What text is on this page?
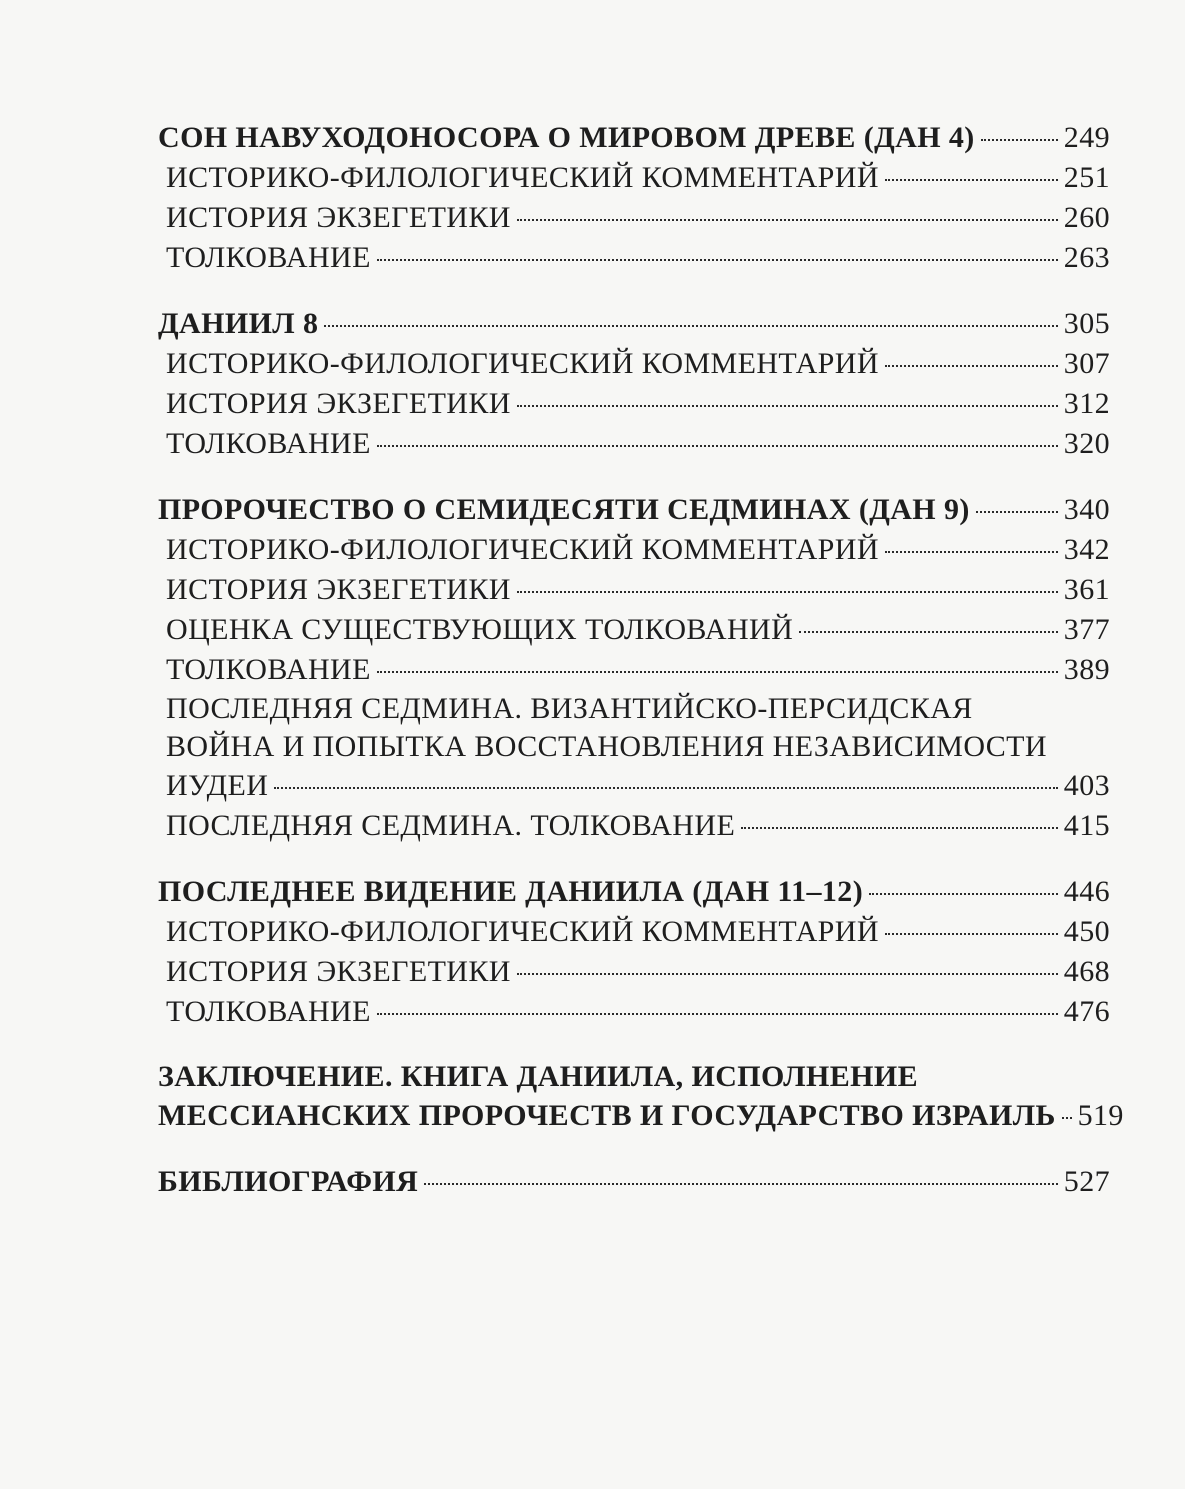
СОН НАВУХОДОНОСОРА О МИРОВОМ ДРЕВЕ (ДАН 4)	249
ИСТОРИКО-ФИЛОЛОГИЧЕСКИЙ КОММЕНТАРИЙ	251
ИСТОРИЯ ЭКЗЕГЕТИКИ	260
ТОЛКОВАНИЕ	263
ДАНИИЛ 8	305
ИСТОРИКО-ФИЛОЛОГИЧЕСКИЙ КОММЕНТАРИЙ	307
ИСТОРИЯ ЭКЗЕГЕТИКИ	312
ТОЛКОВАНИЕ	320
ПРОРОЧЕСТВО О СЕМИДЕСЯТИ СЕДМИНАХ (ДАН 9)	340
ИСТОРИКО-ФИЛОЛОГИЧЕСКИЙ КОММЕНТАРИЙ	342
ИСТОРИЯ ЭКЗЕГЕТИКИ	361
ОЦЕНКА СУЩЕСТВУЮЩИХ ТОЛКОВАНИЙ	377
ТОЛКОВАНИЕ	389
ПОСЛЕДНЯЯ СЕДМИНА. ВИЗАНТИЙСКО-ПЕРСИДСКАЯ
ВОЙНА И ПОПЫТКА ВОССТАНОВЛЕНИЯ НЕЗАВИСИМОСТИ
ИУДЕИ	403
ПОСЛЕДНЯЯ СЕДМИНА. ТОЛКОВАНИЕ	415
ПОСЛЕДНЕЕ ВИДЕНИЕ ДАНИИЛА (ДАН 11–12)	446
ИСТОРИКО-ФИЛОЛОГИЧЕСКИЙ КОММЕНТАРИЙ	450
ИСТОРИЯ ЭКЗЕГЕТИКИ	468
ТОЛКОВАНИЕ	476
ЗАКЛЮЧЕНИЕ. КНИГА ДАНИИЛА, ИСПОЛНЕНИЕ
МЕССИАНСКИХ ПРОРОЧЕСТВ И ГОСУДАРСТВО ИЗРАИЛЬ 519
БИБЛИОГРАФИЯ	527
